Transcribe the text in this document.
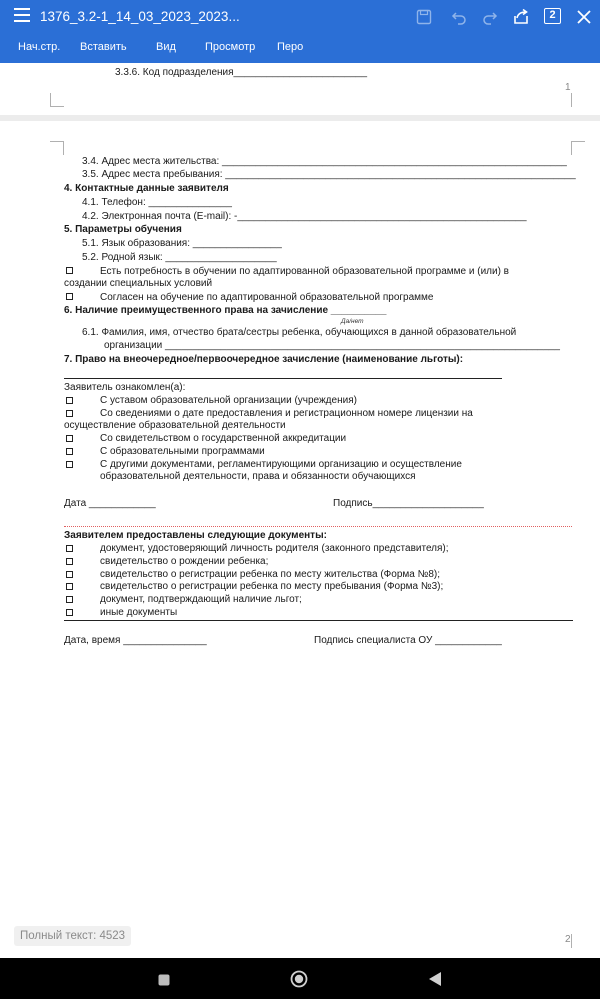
1376_3.2-1_14_03_2023_2023...	2
Нач.стр. Вставить	Вид	Просмотр Перо
3.3.6. Код подразделения________________________
1
3.4. Адрес места жительства: ______________________________________________________________
3.5. Адрес места пребывания: _______________________________________________________________
4. Контактные данные заявителя
4.1. Телефон: _______________
4.2. Электронная почта (E-mail): -____________________________________________________
5. Параметры обучения
5.1. Язык образования: ________________
5.2. Родной язык: ____________________
Есть потребность в обучении по адаптированной образовательной программе и (или) в
создании специальных условий
Согласен на обучение по адаптированной образовательной программе
6. Наличие преимущественного права на зачисление __________
Да/нет
6.1. Фамилия, имя, отчество брата/сестры ребенка, обучающихся в данной образовательной
организации _______________________________________________________________________
7. Право на внеочередное/первоочередное зачисление (наименование льготы):
Заявитель ознакомлен(а):
С уставом образовательной организации (учреждения)
Со сведениями о дате предоставления и регистрационном номере лицензии на
осуществление образовательной деятельности
Со свидетельством о государственной аккредитации
С образовательными программами
С другими документами, регламентирующими организацию и осуществление
образовательной деятельности, права и обязанности обучающихся
Дата ____________	Подпись____________________
Заявителем предоставлены следующие документы:
документ, удостоверяющий личность родителя (законного представителя);
свидетельство о рождении ребенка;
свидетельство о регистрации ребенка по месту жительства (Форма №8);
свидетельство о регистрации ребенка по месту пребывания (Форма №3);
документ, подтверждающий наличие льгот;
иные документы
Дата, время _______________	Подпись специалиста ОУ ____________
2
Полный текст: 4523
